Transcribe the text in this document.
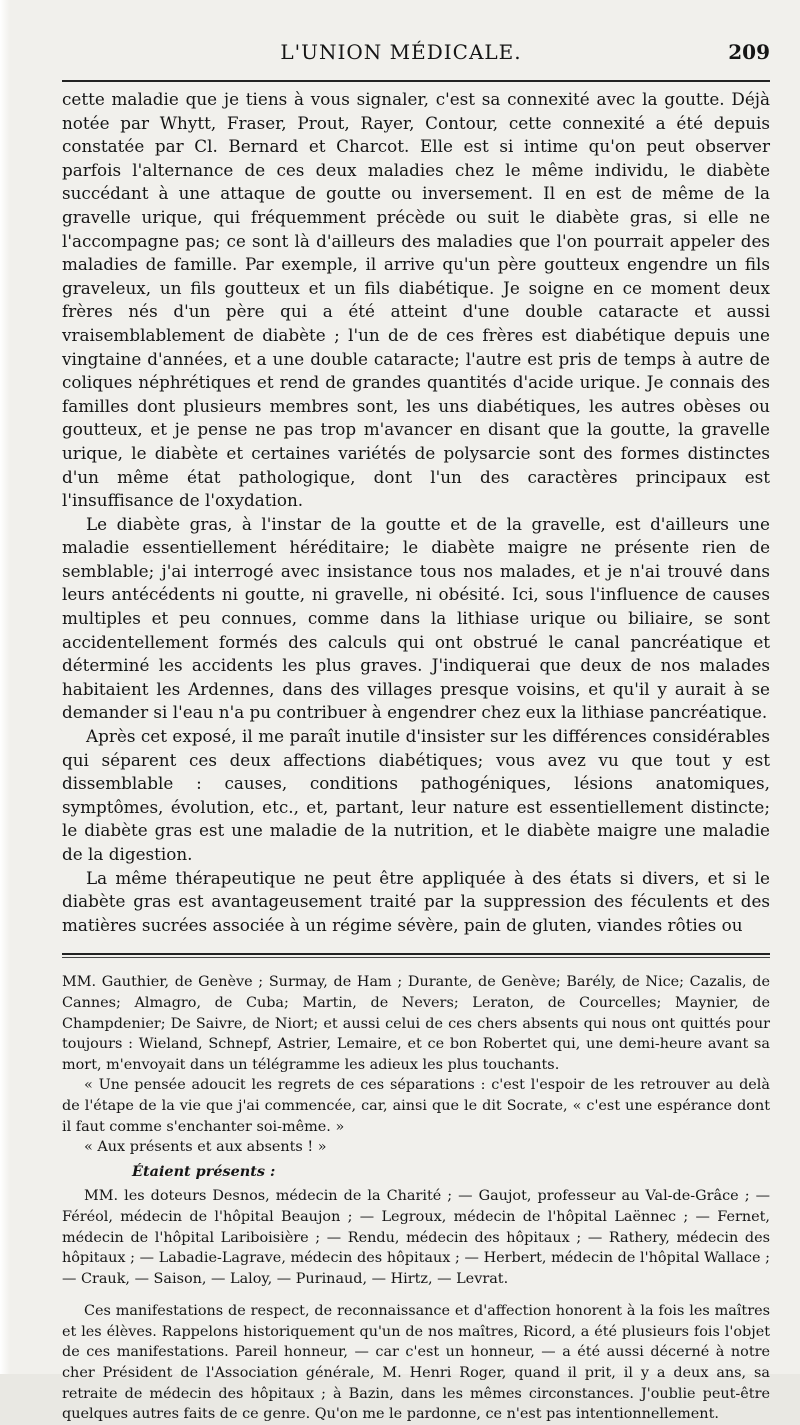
L'UNION MÉDICALE.	209

cette maladie que je tiens à vous signaler, c'est sa connexité avec la goutte. Déjà notée par Whytt, Fraser, Prout, Rayer, Contour, cette connexité a été depuis constatée par Cl. Bernard et Charcot. Elle est si intime qu'on peut observer parfois l'alternance de ces deux maladies chez le même individu, le diabète succédant à une attaque de goutte ou inversement. Il en est de même de la gravelle urique, qui fréquemment précède ou suit le diabète gras, si elle ne l'accompagne pas; ce sont là d'ailleurs des maladies que l'on pourrait appeler des maladies de famille. Par exemple, il arrive qu'un père goutteux engendre un fils graveleux, un fils goutteux et un fils diabétique. Je soigne en ce moment deux frères nés d'un père qui a été atteint d'une double cataracte et aussi vraisemblablement de diabète ; l'un de de ces frères est diabétique depuis une vingtaine d'années, et a une double cataracte; l'autre est pris de temps à autre de coliques néphrétiques et rend de grandes quantités d'acide urique. Je connais des familles dont plusieurs membres sont, les uns diabétiques, les autres obèses ou goutteux, et je pense ne pas trop m'avancer en disant que la goutte, la gravelle urique, le diabète et certaines variétés de polysarcie sont des formes distinctes d'un même état pathologique, dont l'un des caractères principaux est l'insuffisance de l'oxydation.

Le diabète gras, à l'instar de la goutte et de la gravelle, est d'ailleurs une maladie essentiellement héréditaire; le diabète maigre ne présente rien de semblable; j'ai interrogé avec insistance tous nos malades, et je n'ai trouvé dans leurs antécédents ni goutte, ni gravelle, ni obésité. Ici, sous l'influence de causes multiples et peu connues, comme dans la lithiase urique ou biliaire, se sont accidentellement formés des calculs qui ont obstrué le canal pancréatique et déterminé les accidents les plus graves. J'indiquerai que deux de nos malades habitaient les Ardennes, dans des villages presque voisins, et qu'il y aurait à se demander si l'eau n'a pu contribuer à engendrer chez eux la lithiase pancréatique.

Après cet exposé, il me paraît inutile d'insister sur les différences considérables qui séparent ces deux affections diabétiques; vous avez vu que tout y est dissemblable : causes, conditions pathogéniques, lésions anatomiques, symptômes, évolution, etc., et, partant, leur nature est essentiellement distincte; le diabète gras est une maladie de la nutrition, et le diabète maigre une maladie de la digestion.

La même thérapeutique ne peut être appliquée à des états si divers, et si le diabète gras est avantageusement traité par la suppression des féculents et des matières sucrées associée à un régime sévère, pain de gluten, viandes rôties ou

MM. Gauthier, de Genève ; Surmay, de Ham ; Durante, de Genève; Barély, de Nice; Cazalis, de Cannes; Almagro, de Cuba; Martin, de Nevers; Leraton, de Courcelles; Maynier, de Champdenier; De Saivre, de Niort; et aussi celui de ces chers absents qui nous ont quittés pour toujours : Wieland, Schnepf, Astrier, Lemaire, et ce bon Robertet qui, une demi-heure avant sa mort, m'envoyait dans un télégramme les adieux les plus touchants.

« Une pensée adoucit les regrets de ces séparations : c'est l'espoir de les retrouver au delà de l'étape de la vie que j'ai commencée, car, ainsi que le dit Socrate, « c'est une espérance dont il faut comme s'enchanter soi-même. »

« Aux présents et aux absents ! »

Étaient présents :

MM. les doteurs Desnos, médecin de la Charité ; — Gaujot, professeur au Val-de-Grâce ; — Féréol, médecin de l'hôpital Beaujon ; — Legroux, médecin de l'hôpital Laënnec ; — Fernet, médecin de l'hôpital Lariboisière ; — Rendu, médecin des hôpitaux ; — Rathery, médecin des hôpitaux ; — Labadie-Lagrave, médecin des hôpitaux ; — Herbert, médecin de l'hôpital Wallace ; — Crauk, — Saison, — Laloy, — Purinaud, — Hirtz, — Levrat.

Ces manifestations de respect, de reconnaissance et d'affection honorent à la fois les maîtres et les élèves. Rappelons historiquement qu'un de nos maîtres, Ricord, a été plusieurs fois l'objet de ces manifestations. Pareil honneur, — car c'est un honneur, — a été aussi décerné à notre cher Président de l'Association générale, M. Henri Roger, quand il prit, il y a deux ans, sa retraite de médecin des hôpitaux ; à Bazin, dans les mêmes circonstances. J'oublie peut-être quelques autres faits de ce genre. Qu'on me le pardonne, ce n'est pas intentionnellement.
